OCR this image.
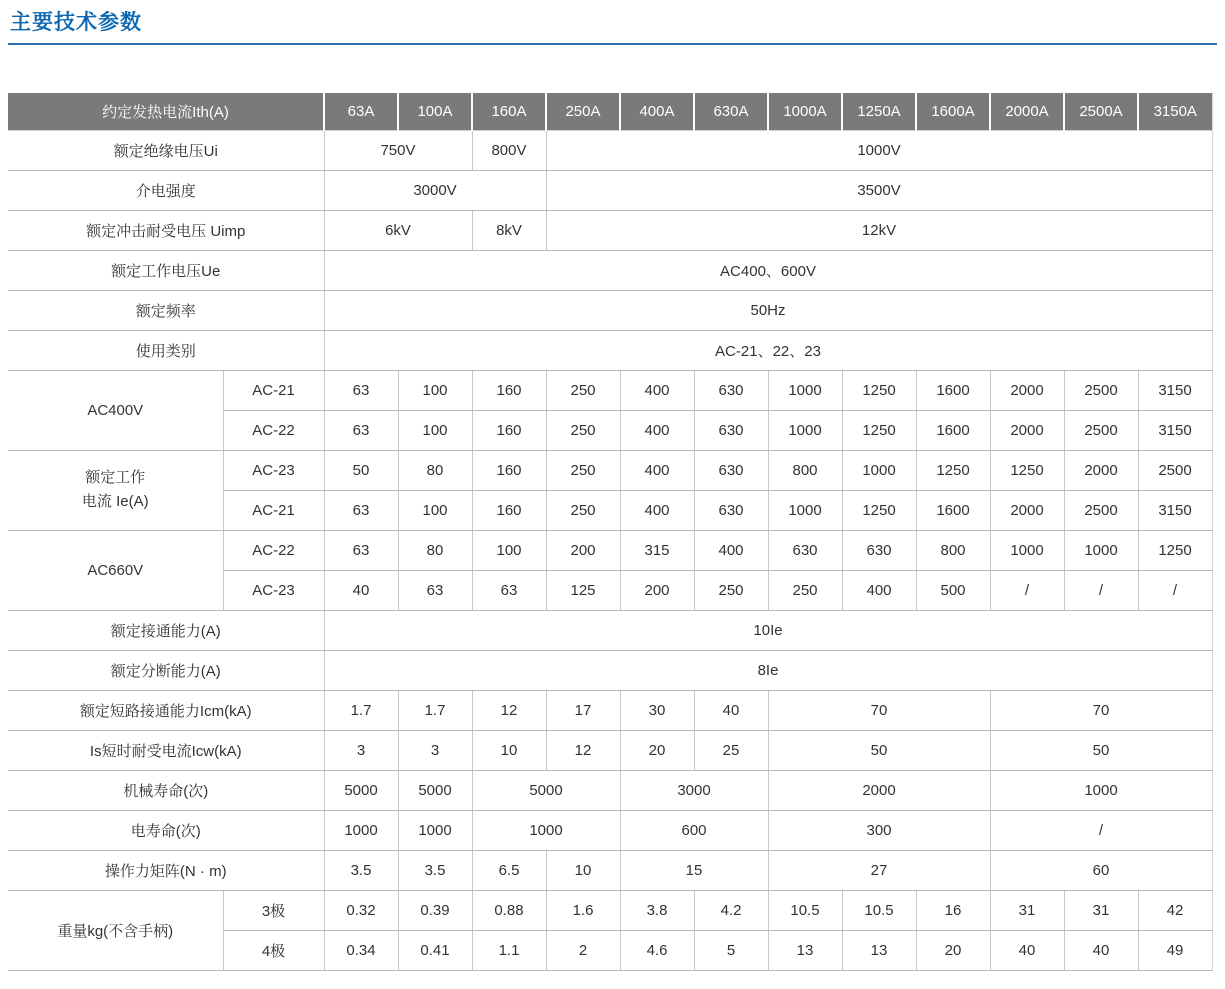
主要技术参数
约定发热电流Ith(A)		63A	100A	160A	250A	400A	630A	1000A	1250A	1600A	2000A	2500A	3150A
额定绝缘电压Ui		750V		800V	1000V								
介电强度		3000V			3500V								
额定冲击耐受电压 Uimp		6kV		8kV	12kV								
额定工作电压Ue		AC400、600V											
额定频率		50Hz											
使用类别		AC-21、22、23											
AC400V	AC-21	63	100	160	250	400	630	1000	1250	1600	2000	2500	3150
	AC-22	63	100	160	250	400	630	1000	1250	1600	2000	2500	3150
额定工作
电流 Ie(A)	AC-23	50	80	160	250	400	630	800	1000	1250	1250	2000	2500
	AC-21	63	100	160	250	400	630	1000	1250	1600	2000	2500	3150
AC660V	AC-22	63	80	100	200	315	400	630	630	800	1000	1000	1250
	AC-23	40	63	63	125	200	250	250	400	500	/	/	/
额定接通能力(A)		10Ie											
额定分断能力(A)		8Ie											
额定短路接通能力Icm(kA)		1.7	1.7	12	17	30	40	70			70		
Is短时耐受电流Icw(kA)		3	3	10	12	20	25	50			50		
机械寿命(次)		5000	5000	5000		3000		2000			1000		
电寿命(次)		1000	1000	1000		600		300			/		
操作力矩阵(N · m)		3.5	3.5	6.5	10	15		27			60		
重量kg(不含手柄)	3极	0.32	0.39	0.88	1.6	3.8	4.2	10.5	10.5	16	31	31	42
	4极	0.34	0.41	1.1	2	4.6	5	13	13	20	40	40	49
